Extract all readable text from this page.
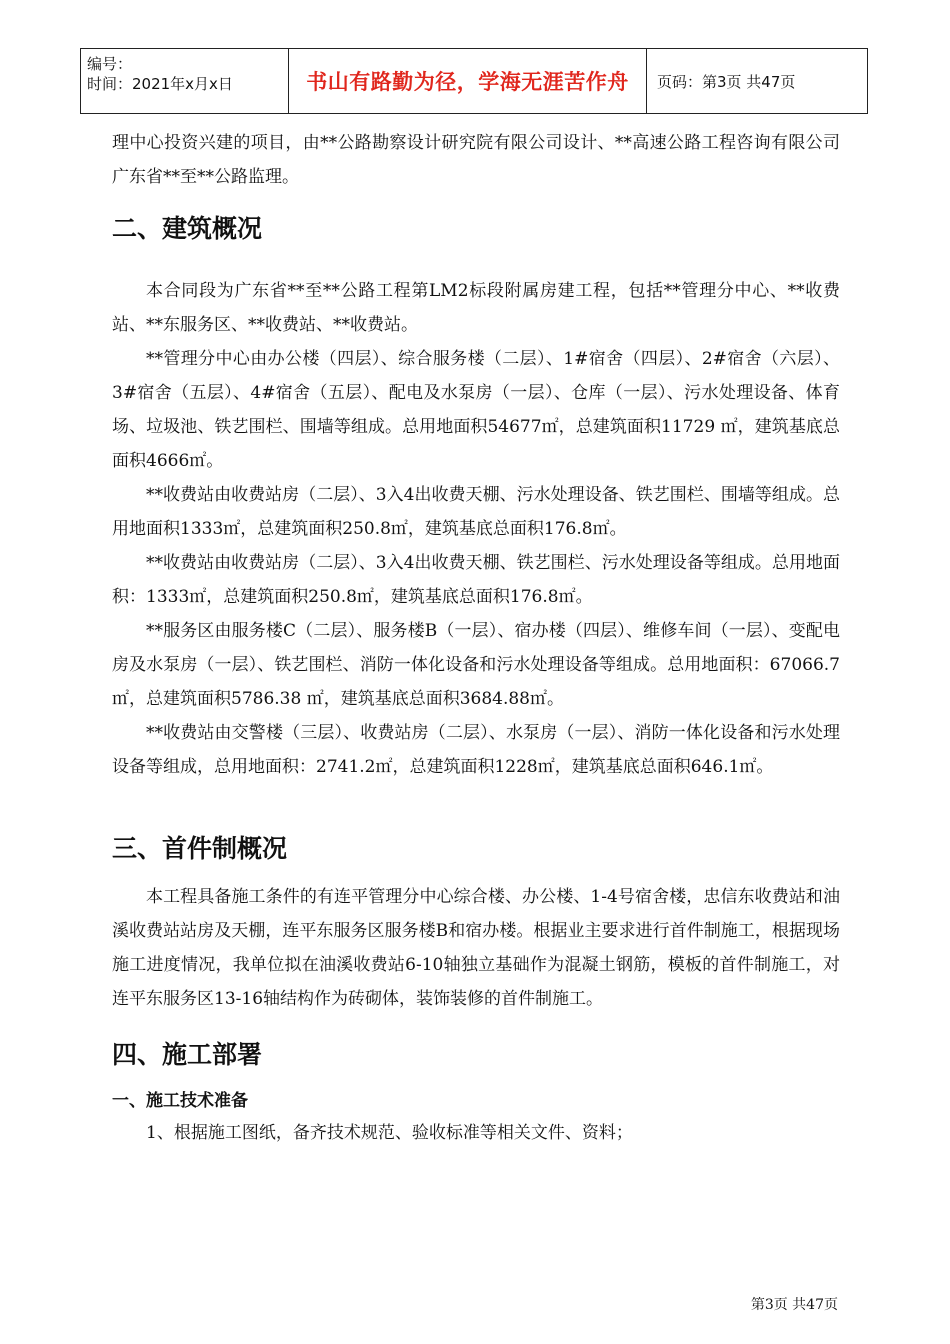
编号：
时间：2021年x月x日	书山有路勤为径，学海无涯苦作舟	页码：第3页 共47页

理中心投资兴建的项目，由**公路勘察设计研究院有限公司设计、**高速公路工程咨询有限公司广东省**至**公路监理。

二、建筑概况

本合同段为广东省**至**公路工程第LM2标段附属房建工程，包括**管理分中心、**收费站、**东服务区、**收费站、**收费站。

**管理分中心由办公楼（四层）、综合服务楼（二层）、1#宿舍（四层）、2#宿舍（六层）、3#宿舍（五层）、4#宿舍（五层）、配电及水泵房（一层）、仓库（一层）、污水处理设备、体育场、垃圾池、铁艺围栏、围墙等组成。总用地面积54677㎡，总建筑面积11729 ㎡，建筑基底总面积4666㎡。

**收费站由收费站房（二层）、3入4出收费天棚、污水处理设备、铁艺围栏、围墙等组成。总用地面积1333㎡，总建筑面积250.8㎡，建筑基底总面积176.8㎡。

**收费站由收费站房（二层）、3入4出收费天棚、铁艺围栏、污水处理设备等组成。总用地面积：1333㎡，总建筑面积250.8㎡，建筑基底总面积176.8㎡。

**服务区由服务楼C（二层）、服务楼B（一层）、宿办楼（四层）、维修车间（一层）、变配电房及水泵房（一层）、铁艺围栏、消防一体化设备和污水处理设备等组成。总用地面积：67066.7 ㎡，总建筑面积5786.38 ㎡，建筑基底总面积3684.88㎡。

**收费站由交警楼（三层）、收费站房（二层）、水泵房（一层）、消防一体化设备和污水处理设备等组成，总用地面积：2741.2㎡，总建筑面积1228㎡，建筑基底总面积646.1㎡。

三、首件制概况

本工程具备施工条件的有连平管理分中心综合楼、办公楼、1-4号宿舍楼，忠信东收费站和油溪收费站站房及天棚，连平东服务区服务楼B和宿办楼。根据业主要求进行首件制施工，根据现场施工进度情况，我单位拟在油溪收费站6-10轴独立基础作为混凝土钢筋，模板的首件制施工，对连平东服务区13-16轴结构作为砖砌体，装饰装修的首件制施工。

四、施工部署
一、施工技术准备

1、根据施工图纸，备齐技术规范、验收标准等相关文件、资料；

第3页 共47页
